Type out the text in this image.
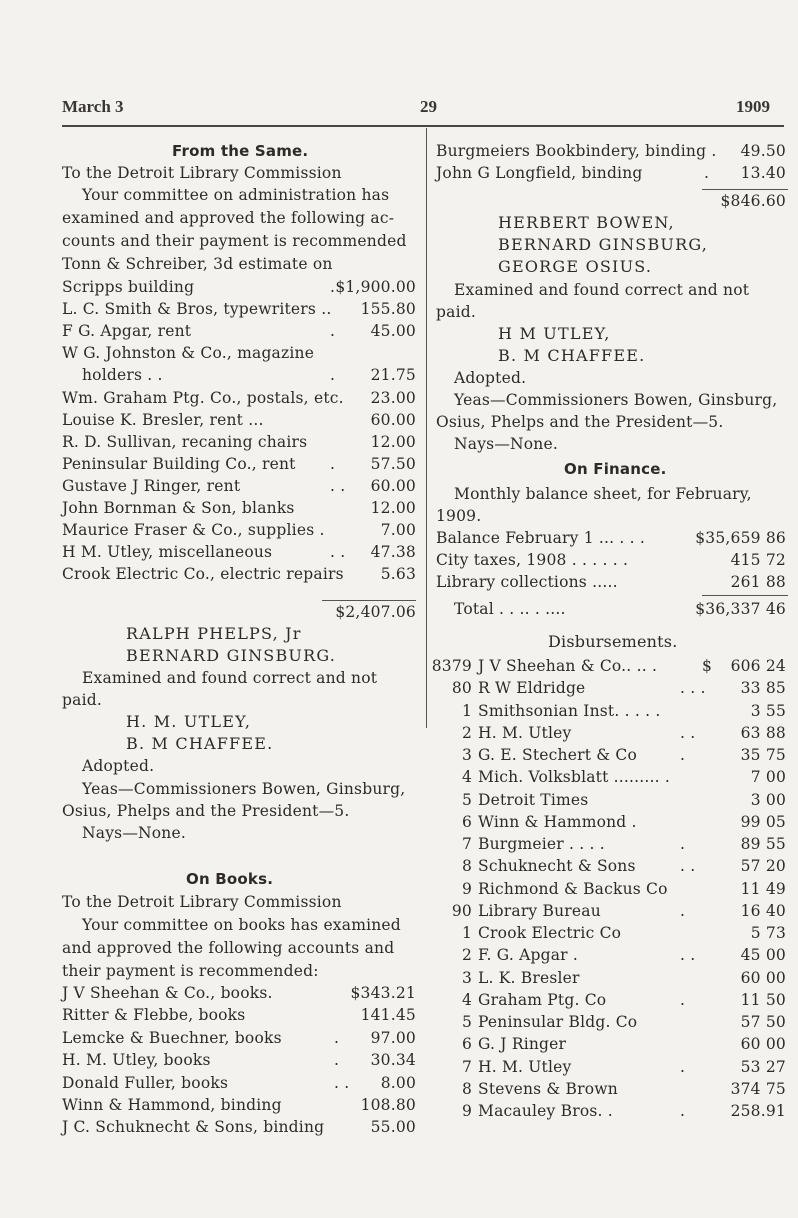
March 3	29	1909
From the Same.
To the Detroit Library Commission
Your committee on administration has
examined and approved the following ac-
counts and their payment is recommended
Tonn & Schreiber, 3d estimate on
Scripps building	. $1,900.00
L. C. Smith & Bros, typewriters .. 155.80
F G. Apgar, rent	. 45.00
W G. Johnston & Co., magazine
holders . .	. 21.75
Wm. Graham Ptg. Co., postals, etc. 23.00
Louise K. Bresler, rent ...	60.00
R. D. Sullivan, recaning chairs	12.00
Peninsular Building Co., rent . 57.50
Gustave J Ringer, rent	. . 60.00
John Bornman & Son, blanks	12.00
Maurice Fraser & Co., supplies .	7.00
H M. Utley, miscellaneous	. . 47.38
Crook Electric Co., electric repairs 5.63
$2,407.06
RALPH PHELPS, Jr
BERNARD GINSBURG.
Examined and found correct and not
paid.
H. M. UTLEY,
B. M CHAFFEE.
Adopted.
Yeas—Commissioners Bowen, Ginsburg,
Osius, Phelps and the President—5.
Nays—None.
On Books.
To the Detroit Library Commission
Your committee on books has examined
and approved the following accounts and
their payment is recommended:
J V Sheehan & Co., books.	$343.21
Ritter & Flebbe, books	141.45
Lemcke & Buechner, books	. 97.00
H. M. Utley, books	. 30.34
Donald Fuller, books	. . 8.00
Winn & Hammond, binding	108.80
J C. Schuknecht & Sons, binding	55.00
Burgmeiers Bookbindery, binding . 49.50
John G Longfield, binding	. 13.40
$846.60
HERBERT BOWEN,
BERNARD GINSBURG,
GEORGE OSIUS.
Examined and found correct and not
paid.
H M UTLEY,
B. M CHAFFEE.
Adopted.
Yeas—Commissioners Bowen, Ginsburg,
Osius, Phelps and the President—5.
Nays—None.
On Finance.
Monthly balance sheet, for February,
1909.
Balance February 1 ... . . .	$35,659 86
City taxes, 1908 . . . . . .	415 72
Library collections .....	261 88
Total . . .. . ....	$36,337 46
Disbursements.
8379 J V Sheehan & Co.. .. .	$ 606 24
80 R W Eldridge	. . . 33 85
1 Smithsonian Inst. . . . .	3 55
2 H. M. Utley	. .	63 88
3 G. E. Stechert & Co	.	35 75
4 Mich. Volksblatt ......... .	7 00
5 Detroit Times	3 00
6 Winn & Hammond .	99 05
7 Burgmeier . . . .	.	89 55
8 Schuknecht & Sons	. .	57 20
9 Richmond & Backus Co	11 49
90 Library Bureau	.	16 40
1 Crook Electric Co	5 73
2 F. G. Apgar .	. .	45 00
3 L. K. Bresler	60 00
4 Graham Ptg. Co	.	11 50
5 Peninsular Bldg. Co	57 50
6 G. J Ringer	60 00
7 H. M. Utley	.	53 27
8 Stevens & Brown	374 75
9 Macauley Bros. .	.	258.91
